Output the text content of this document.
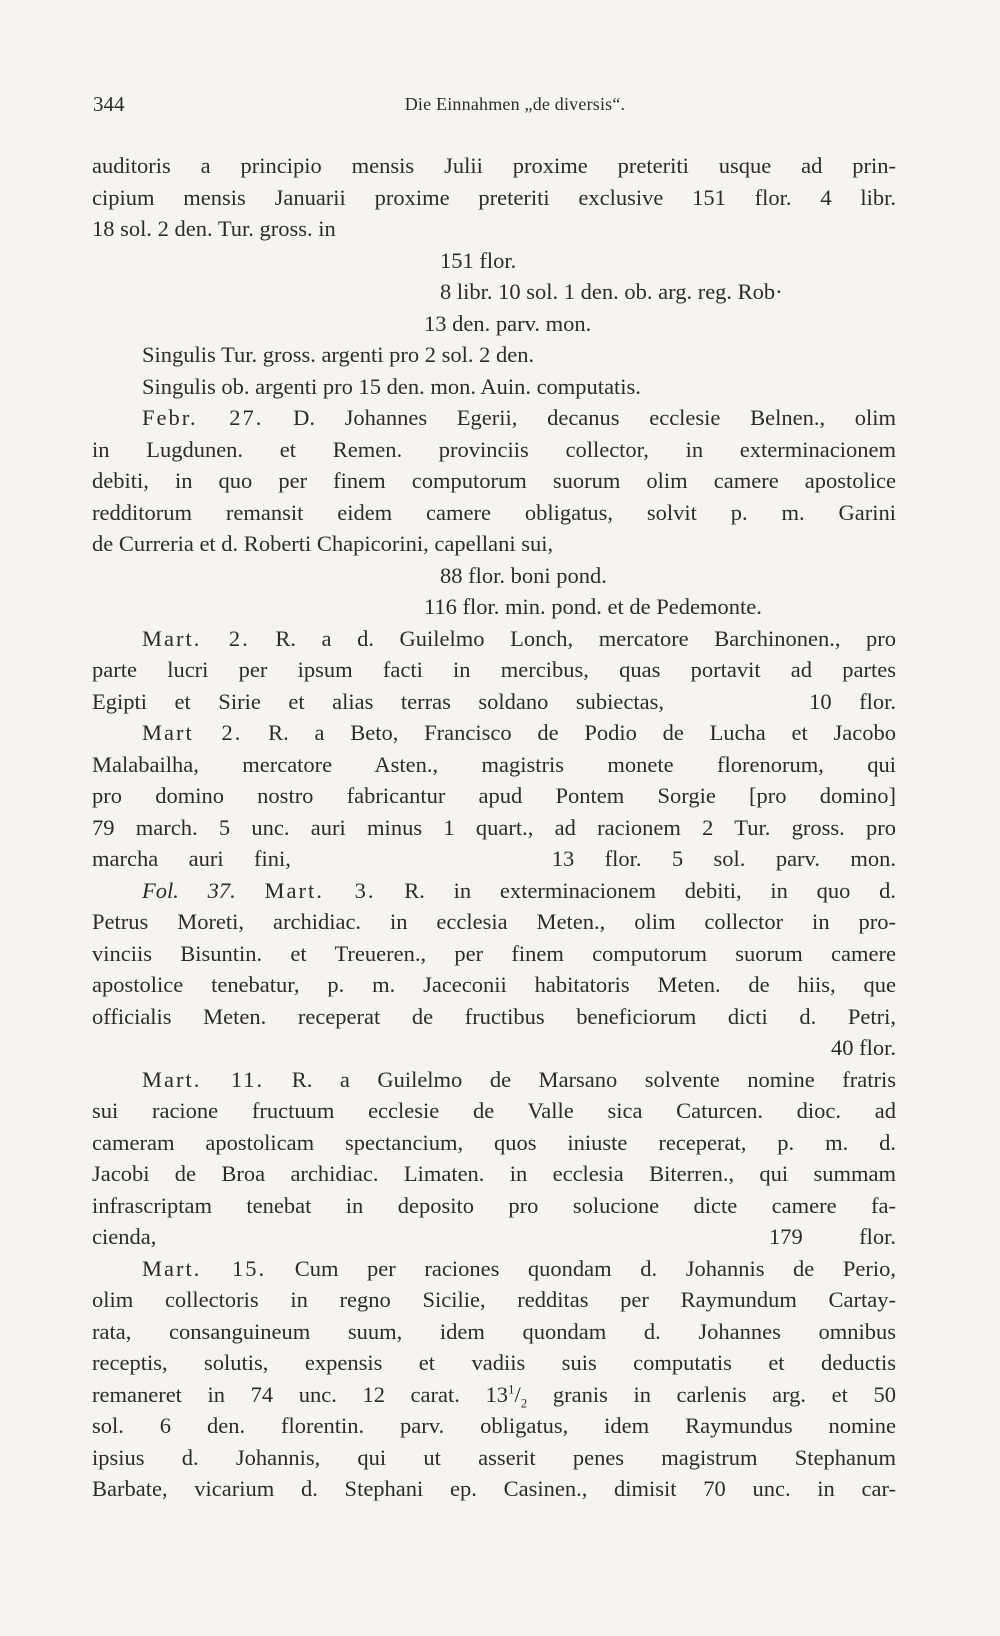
344	Die Einnahmen „de diversis“.
auditoris a principio mensis Julii proxime preteriti usque ad prin-
cipium mensis Januarii proxime preteriti exclusive 151 flor. 4 libr.
18 sol. 2 den. Tur. gross. in
151 flor.
8 libr. 10 sol. 1 den. ob. arg. reg. Rob·
13 den. parv. mon.
Singulis Tur. gross. argenti pro 2 sol. 2 den.
Singulis ob. argenti pro 15 den. mon. Auin. computatis.
Febr. 27. D. Johannes Egerii, decanus ecclesie Belnen., olim
in Lugdunen. et Remen. provinciis collector, in exterminacionem
debiti, in quo per finem computorum suorum olim camere apostolice
redditorum remansit eidem camere obligatus, solvit p. m. Garini
de Curreria et d. Roberti Chapicorini, capellani sui,
88 flor. boni pond.
116 flor. min. pond. et de Pedemonte.
Mart. 2. R. a d. Guilelmo Lonch, mercatore Barchinonen., pro
parte lucri per ipsum facti in mercibus, quas portavit ad partes
Egipti et Sirie et alias terras soldano subiectas,	10 flor.
Mart 2. R. a Beto, Francisco de Podio de Lucha et Jacobo
Malabailha, mercatore Asten., magistris monete florenorum, qui
pro domino nostro fabricantur apud Pontem Sorgie [pro domino]
79 march. 5 unc. auri minus 1 quart., ad racionem 2 Tur. gross. pro
marcha auri fini,	13 flor. 5 sol. parv. mon.
Fol. 37. Mart. 3. R. in exterminacionem debiti, in quo d.
Petrus Moreti, archidiac. in ecclesia Meten., olim collector in pro-
vinciis Bisuntin. et Treueren., per finem computorum suorum camere
apostolice tenebatur, p. m. Jaceconii habitatoris Meten. de hiis, que
officialis Meten. receperat de fructibus beneficiorum dicti d. Petri,
40 flor.
Mart. 11. R. a Guilelmo de Marsano solvente nomine fratris
sui racione fructuum ecclesie de Valle sica Caturcen. dioc. ad
cameram apostolicam spectancium, quos iniuste receperat, p. m. d.
Jacobi de Broa archidiac. Limaten. in ecclesia Biterren., qui summam
infrascriptam tenebat in deposito pro solucione dicte camere fa-
cienda,	179 flor.
Mart. 15. Cum per raciones quondam d. Johannis de Perio,
olim collectoris in regno Sicilie, redditas per Raymundum Cartay-
rata, consanguineum suum, idem quondam d. Johannes omnibus
receptis, solutis, expensis et vadiis suis computatis et deductis
remaneret in 74 unc. 12 carat. $13^1/_2$ granis in carlenis arg. et 50
sol. 6 den. florentin. parv. obligatus, idem Raymundus nomine
ipsius d. Johannis, qui ut asserit penes magistrum Stephanum
Barbate, vicarium d. Stephani ep. Casinen., dimisit 70 unc. in car-
